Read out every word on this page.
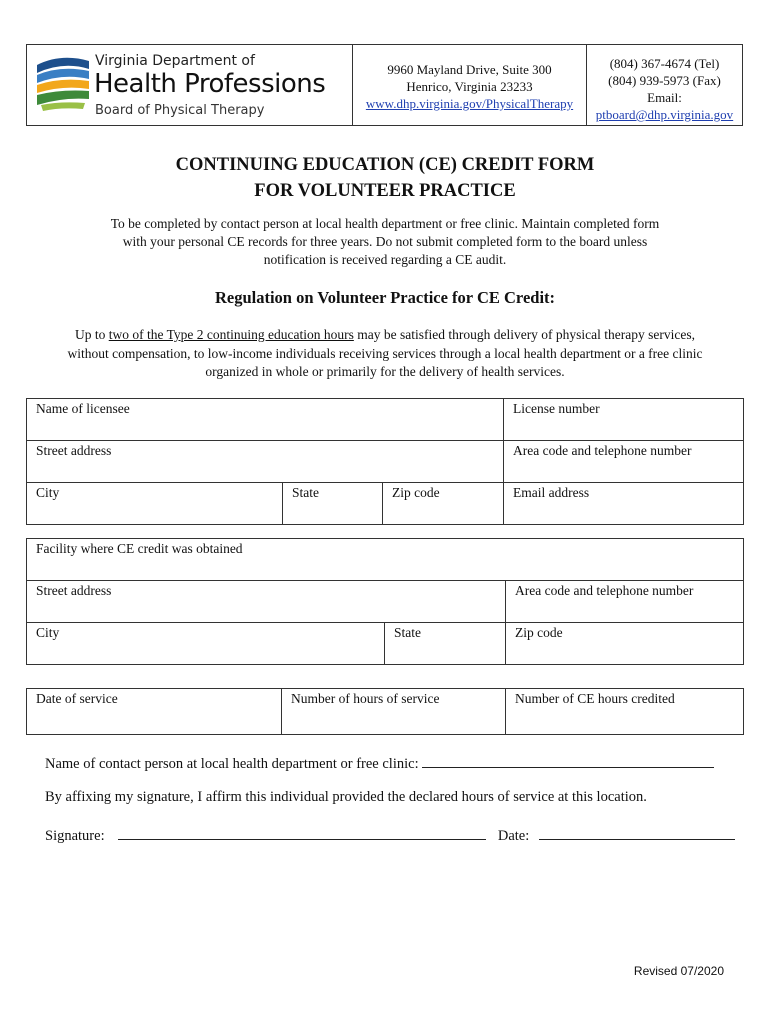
Virginia Department of
Health Professions
Board of Physical Therapy
9960 Mayland Drive, Suite 300
Henrico, Virginia 23233
www.dhp.virginia.gov/PhysicalTherapy
(804) 367-4674 (Tel)
(804) 939-5973 (Fax)
Email:
ptboard@dhp.virginia.gov
CONTINUING EDUCATION (CE) CREDIT FORM
FOR VOLUNTEER PRACTICE
To be completed by contact person at local health department or free clinic. Maintain completed form
with your personal CE records for three years. Do not submit completed form to the board unless
notification is received regarding a CE audit.
Regulation on Volunteer Practice for CE Credit:
Up to two of the Type 2 continuing education hours may be satisfied through delivery of physical therapy services,
without compensation, to low-income individuals receiving services through a local health department or a free clinic
organized in whole or primarily for the delivery of health services.
Name of licensee			License number
Street address			Area code and telephone number
City	State	Zip code	Email address
Facility where CE credit was obtained		
Street address		Area code and telephone number
City	State	Zip code
Date of service	Number of hours of service	Number of CE hours credited
Name of contact person at local health department or free clinic:
By affixing my signature, I affirm this individual provided the declared hours of service at this location.
Signature:	Date:
Revised 07/2020
